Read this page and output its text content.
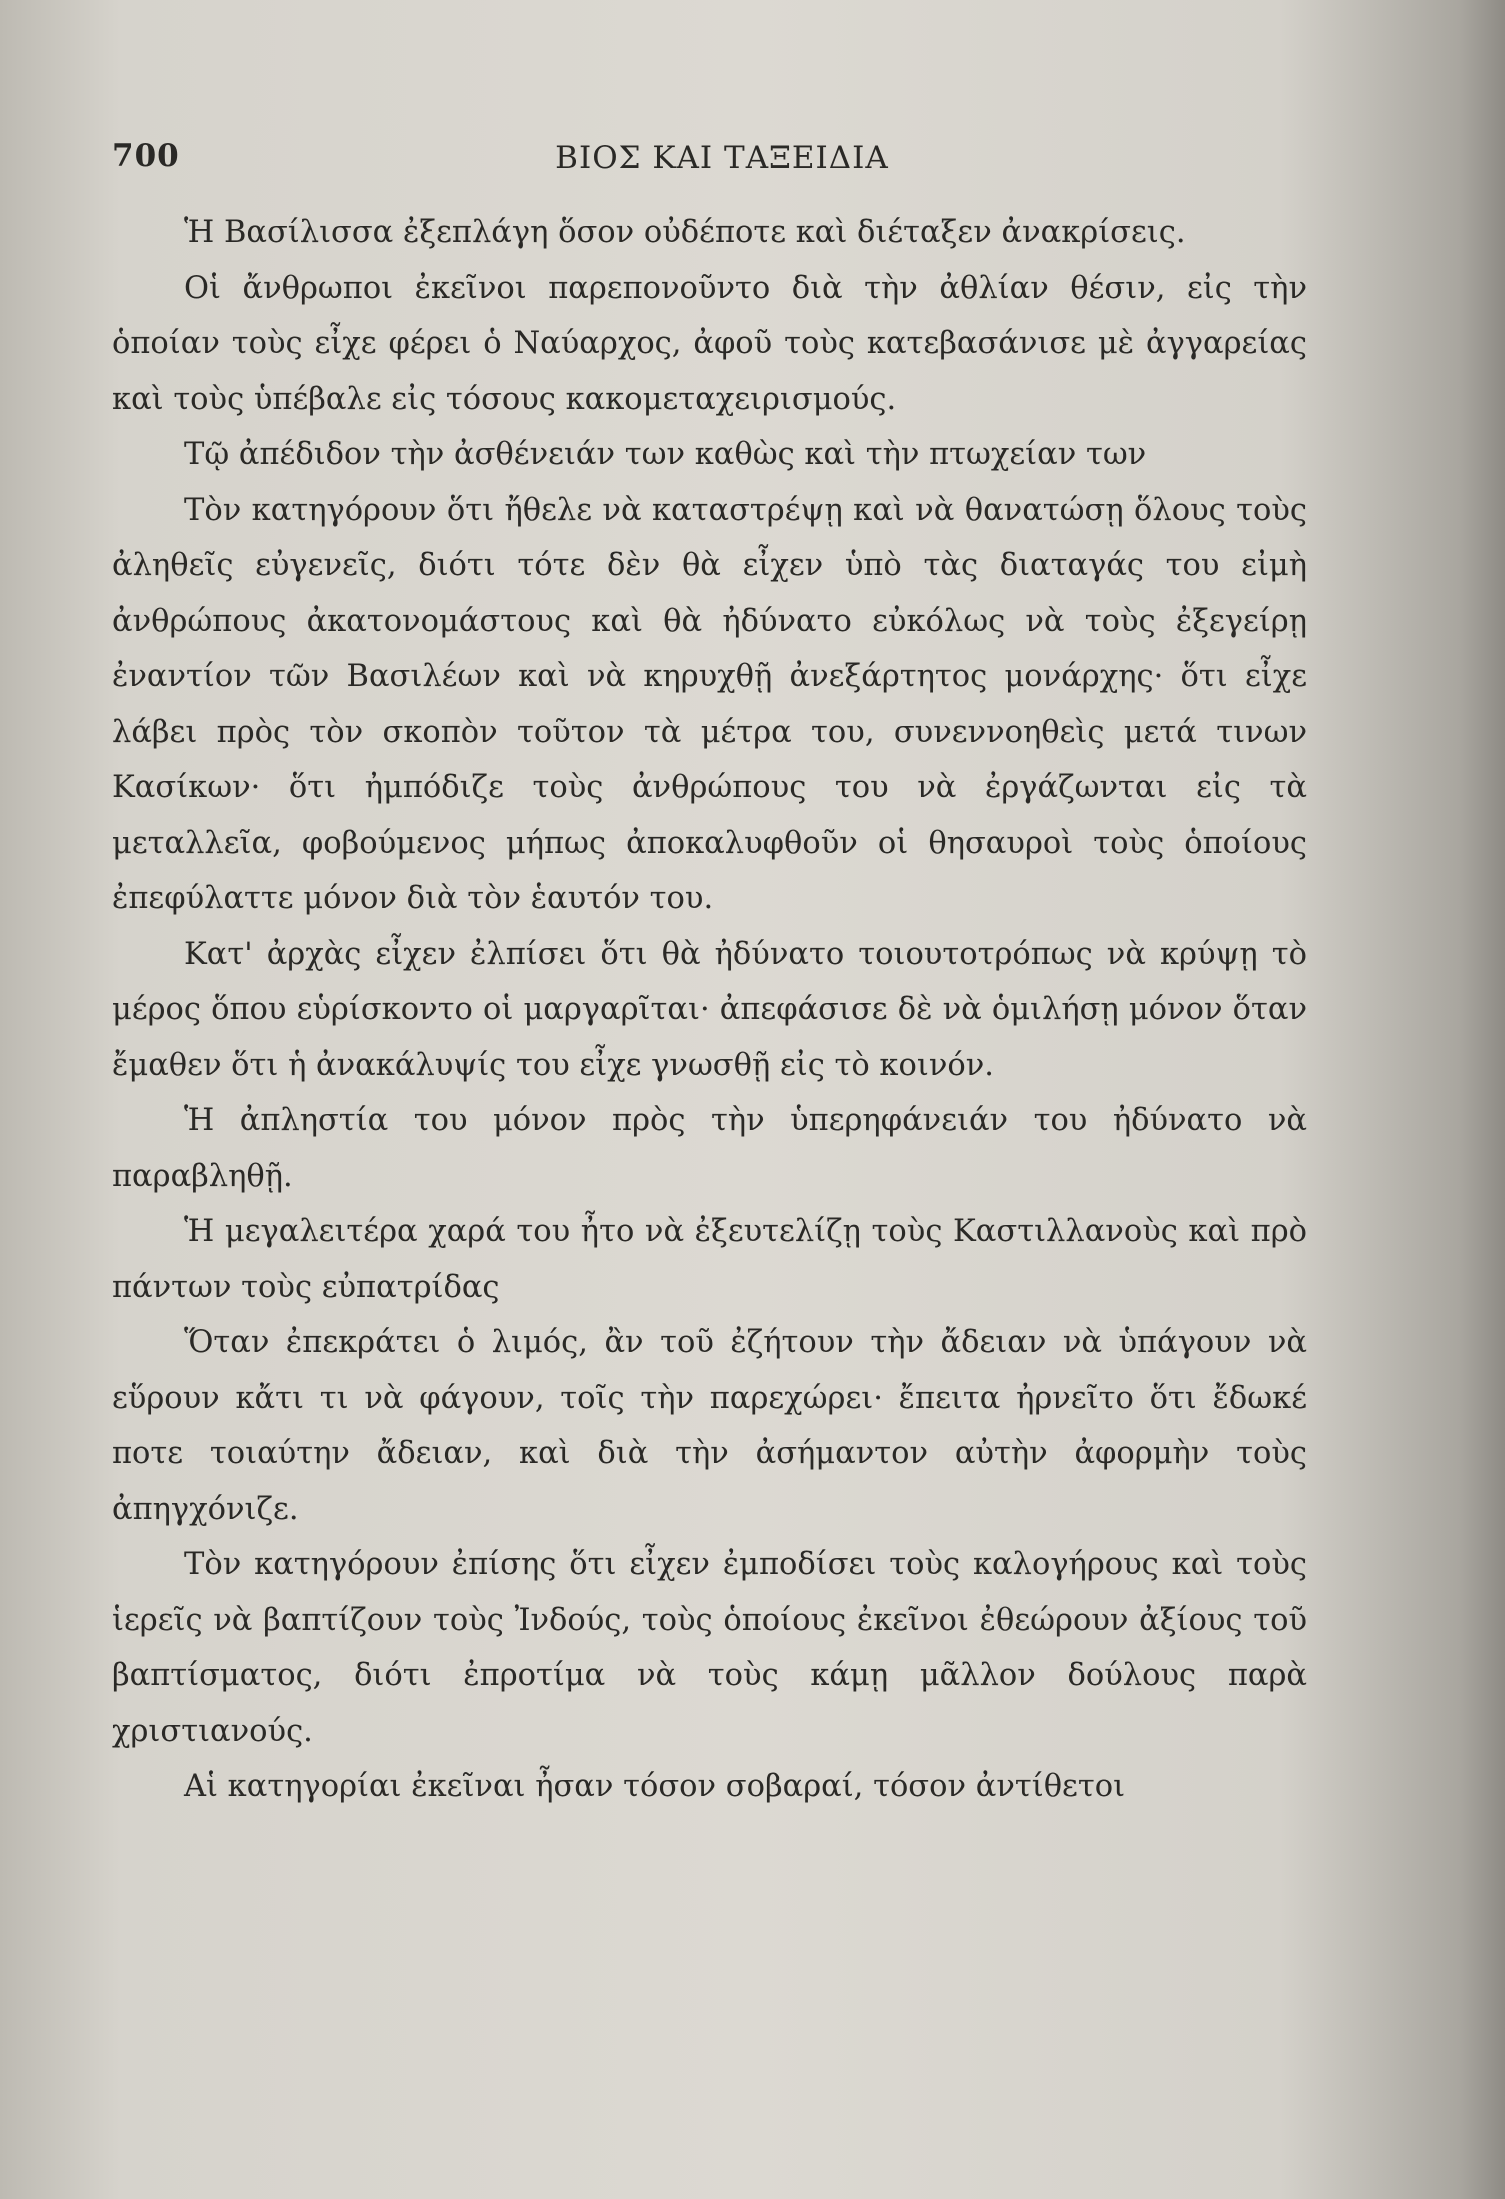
700	ΒΙΟΣ ΚΑΙ ΤΑΞΕΙΔΙΑ

Ἡ Βασίλισσα ἐξεπλάγη ὅσον οὐδέποτε καὶ διέταξεν ἀνακρίσεις.

Οἱ ἄνθρωποι ἐκεῖνοι παρεπονοῦντο διὰ τὴν ἀθλίαν θέσιν, εἰς τὴν ὁποίαν τοὺς εἶχε φέρει ὁ Ναύαρχος, ἀφοῦ τοὺς κατεβασάνισε μὲ ἀγγαρείας καὶ τοὺς ὑπέβαλε εἰς τόσους κακομεταχειρισμούς.

Τῷ ἀπέδιδον τὴν ἀσθένειάν των καθὼς καὶ τὴν πτωχείαν των

Τὸν κατηγόρουν ὅτι ἤθελε νὰ καταστρέψῃ καὶ νὰ θανατώσῃ ὅλους τοὺς ἀληθεῖς εὐγενεῖς, διότι τότε δὲν θὰ εἶχεν ὑπὸ τὰς διαταγάς του εἰμὴ ἀνθρώπους ἀκατονομάστους καὶ θὰ ἠδύνατο εὐκόλως νὰ τοὺς ἐξεγείρῃ ἐναντίον τῶν Βασιλέων καὶ νὰ κηρυχθῇ ἀνεξάρτητος μονάρχης· ὅτι εἶχε λάβει πρὸς τὸν σκοπὸν τοῦτον τὰ μέτρα του, συνεννοηθεὶς μετά τινων Κασίκων· ὅτι ἠμπόδιζε τοὺς ἀνθρώπους του νὰ ἐργάζωνται εἰς τὰ μεταλλεῖα, φοβούμενος μήπως ἀποκαλυφθοῦν οἱ θησαυροὶ τοὺς ὁποίους ἐπεφύλαττε μόνον διὰ τὸν ἑαυτόν του.

Κατ' ἀρχὰς εἶχεν ἐλπίσει ὅτι θὰ ἠδύνατο τοιουτοτρόπως νὰ κρύψῃ τὸ μέρος ὅπου εὑρίσκοντο οἱ μαργαρῖται· ἀπεφάσισε δὲ νὰ ὁμιλήσῃ μόνον ὅταν ἔμαθεν ὅτι ἡ ἀνακάλυψίς του εἶχε γνωσθῇ εἰς τὸ κοινόν.

Ἡ ἀπληστία του μόνον πρὸς τὴν ὑπερηφάνειάν του ἠδύνατο νὰ παραβληθῇ.

Ἡ μεγαλειτέρα χαρά του ἦτο νὰ ἐξευτελίζῃ τοὺς Καστιλλανοὺς καὶ πρὸ πάντων τοὺς εὐπατρίδας

Ὅταν ἐπεκράτει ὁ λιμός, ἂν τοῦ ἐζήτουν τὴν ἄδειαν νὰ ὑπάγουν νὰ εὕρουν κἄτι τι νὰ φάγουν, τοῖς τὴν παρεχώρει· ἔπειτα ἠρνεῖτο ὅτι ἔδωκέ ποτε τοιαύτην ἄδειαν, καὶ διὰ τὴν ἀσήμαντον αὐτὴν ἀφορμὴν τοὺς ἀπηγχόνιζε.

Τὸν κατηγόρουν ἐπίσης ὅτι εἶχεν ἐμποδίσει τοὺς καλογήρους καὶ τοὺς ἱερεῖς νὰ βαπτίζουν τοὺς Ἰνδούς, τοὺς ὁποίους ἐκεῖνοι ἐθεώρουν ἀξίους τοῦ βαπτίσματος, διότι ἐπροτίμα νὰ τοὺς κάμῃ μᾶλλον δούλους παρὰ χριστιανούς.

Αἱ κατηγορίαι ἐκεῖναι ἦσαν τόσον σοβαραί, τόσον ἀντίθετοι
